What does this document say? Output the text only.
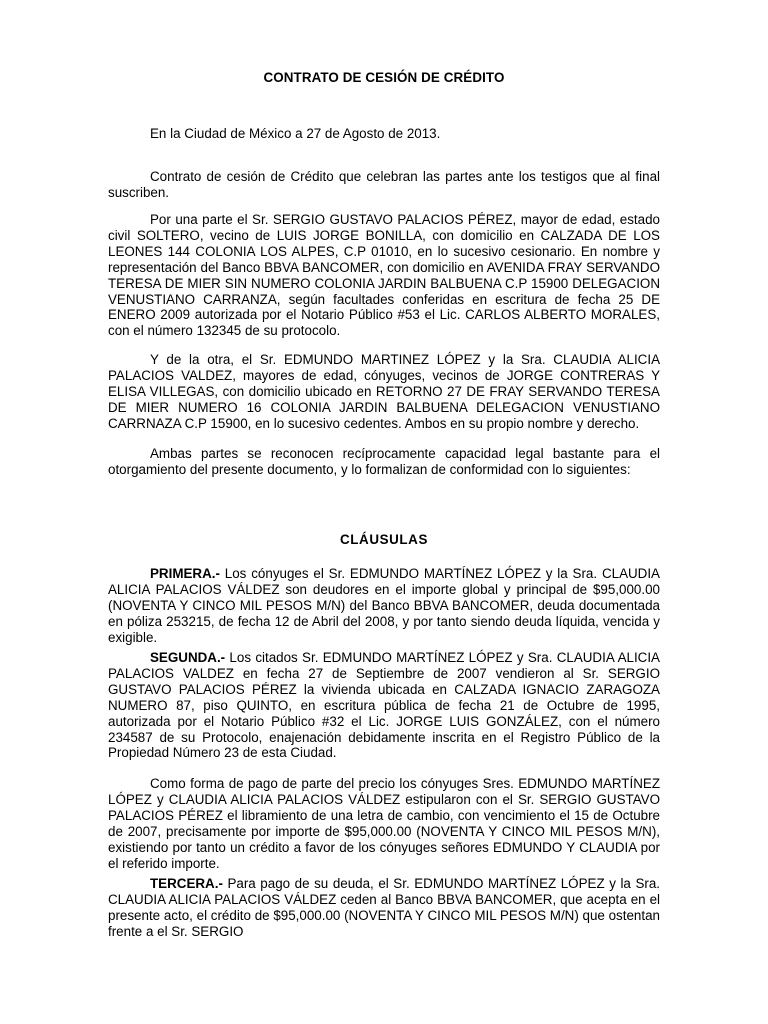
CONTRATO DE CESIÓN DE CRÉDITO

En la Ciudad de México a 27 de Agosto de 2013.

Contrato de cesión de Crédito que celebran las partes ante los testigos que al final suscriben.

Por una parte el Sr. SERGIO GUSTAVO PALACIOS PÉREZ, mayor de edad, estado civil SOLTERO, vecino de LUIS JORGE BONILLA, con domicilio en CALZADA DE LOS LEONES 144 COLONIA LOS ALPES, C.P 01010, en lo sucesivo cesionario. En nombre y representación del Banco BBVA BANCOMER, con domicilio en AVENIDA FRAY SERVANDO TERESA DE MIER SIN NUMERO COLONIA JARDIN BALBUENA C.P 15900 DELEGACION VENUSTIANO CARRANZA, según facultades conferidas en escritura de fecha 25 DE ENERO 2009 autorizada por el Notario Público #53 el Lic. CARLOS ALBERTO MORALES, con el número 132345 de su protocolo.

Y de la otra, el Sr. EDMUNDO MARTINEZ LÓPEZ y la Sra. CLAUDIA ALICIA PALACIOS VALDEZ, mayores de edad, cónyuges, vecinos de JORGE CONTRERAS Y ELISA VILLEGAS, con domicilio ubicado en RETORNO 27 DE FRAY SERVANDO TERESA DE MIER NUMERO 16 COLONIA JARDIN BALBUENA DELEGACION VENUSTIANO CARRNAZA C.P 15900, en lo sucesivo cedentes. Ambos en su propio nombre y derecho.

Ambas partes se reconocen recíprocamente capacidad legal bastante para el otorgamiento del presente documento, y lo formalizan de conformidad con lo siguientes:

CLÁUSULAS

PRIMERA.- Los cónyuges el Sr. EDMUNDO MARTÍNEZ LÓPEZ y la Sra. CLAUDIA ALICIA PALACIOS VÁLDEZ son deudores en el importe global y principal de $95,000.00 (NOVENTA Y CINCO MIL PESOS M/N) del Banco BBVA BANCOMER, deuda documentada en póliza 253215, de fecha 12 de Abril del 2008, y por tanto siendo deuda líquida, vencida y exigible.

SEGUNDA.- Los citados Sr. EDMUNDO MARTÍNEZ LÓPEZ y Sra. CLAUDIA ALICIA PALACIOS VALDEZ en fecha 27 de Septiembre de 2007 vendieron al Sr. SERGIO GUSTAVO PALACIOS PÉREZ la vivienda ubicada en CALZADA IGNACIO ZARAGOZA NUMERO 87, piso QUINTO, en escritura pública de fecha 21 de Octubre de 1995, autorizada por el Notario Público #32 el Lic. JORGE LUIS GONZÁLEZ, con el número 234587 de su Protocolo, enajenación debidamente inscrita en el Registro Público de la Propiedad Número 23 de esta Ciudad.

Como forma de pago de parte del precio los cónyuges Sres. EDMUNDO MARTÍNEZ LÓPEZ y CLAUDIA ALICIA PALACIOS VÁLDEZ estipularon con el Sr. SERGIO GUSTAVO PALACIOS PÉREZ el libramiento de una letra de cambio, con vencimiento el 15 de Octubre de 2007, precisamente por importe de $95,000.00 (NOVENTA Y CINCO MIL PESOS M/N), existiendo por tanto un crédito a favor de los cónyuges señores EDMUNDO Y CLAUDIA por el referido importe.

TERCERA.- Para pago de su deuda, el Sr. EDMUNDO MARTÍNEZ LÓPEZ y la Sra. CLAUDIA ALICIA PALACIOS VÁLDEZ ceden al Banco BBVA BANCOMER, que acepta en el presente acto, el crédito de $95,000.00 (NOVENTA Y CINCO MIL PESOS M/N) que ostentan frente a el Sr. SERGIO
